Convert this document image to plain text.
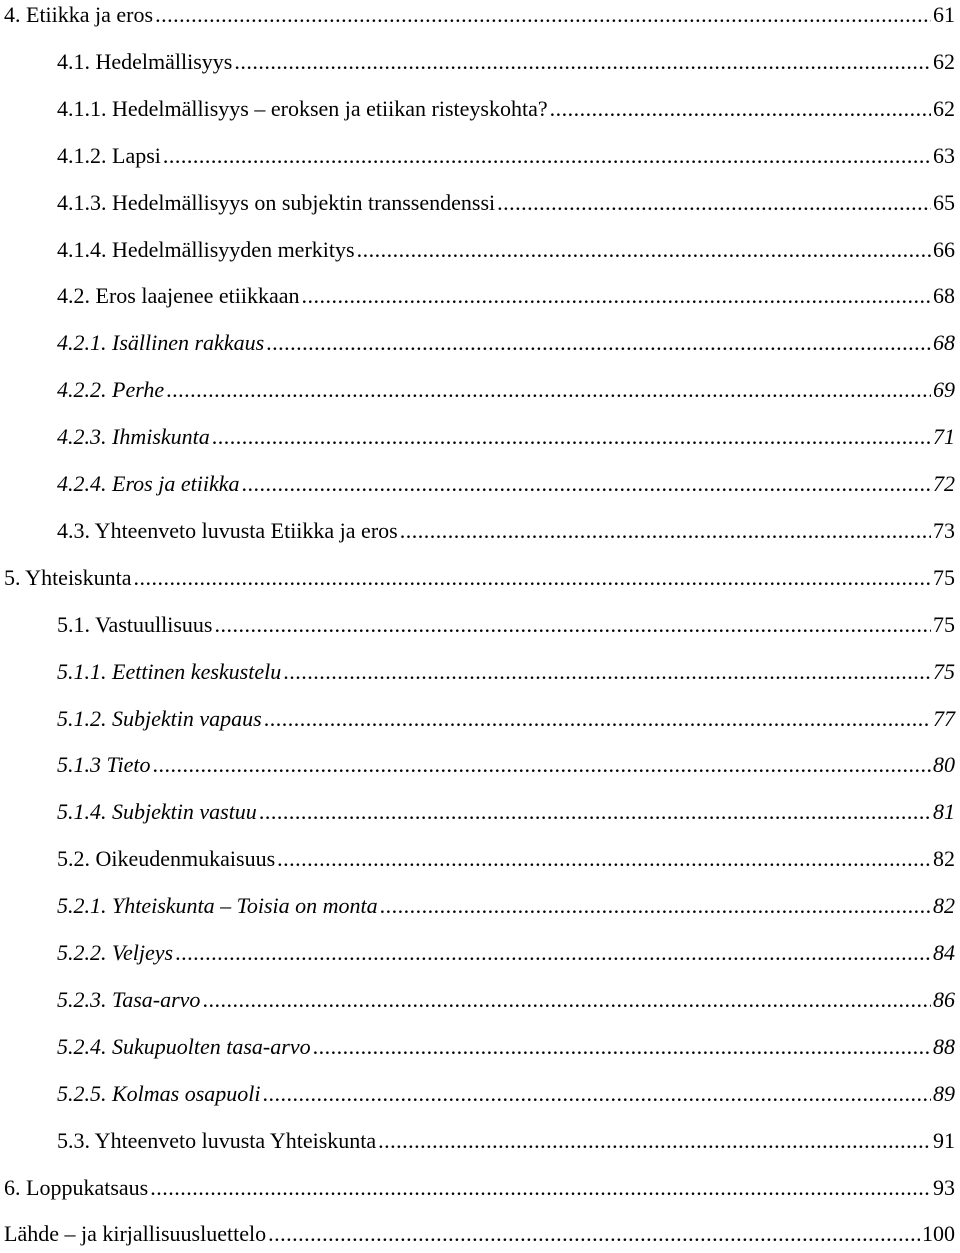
4. Etiikka ja eros .....	61
4.1. Hedelmällisyys .....	62
4.1.1. Hedelmällisyys – eroksen ja etiikan risteyskohta? .....	62
4.1.2. Lapsi .....	63
4.1.3. Hedelmällisyys on subjektin transsendenssi .....	65
4.1.4. Hedelmällisyyden merkitys .....	66
4.2. Eros laajenee etiikkaan .....	68
4.2.1. Isällinen rakkaus .....	68
4.2.2. Perhe .....	69
4.2.3. Ihmiskunta .....	71
4.2.4. Eros ja etiikka .....	72
4.3. Yhteenveto luvusta Etiikka ja eros .....	73
5. Yhteiskunta .....	75
5.1. Vastuullisuus .....	75
5.1.1. Eettinen keskustelu .....	75
5.1.2. Subjektin vapaus .....	77
5.1.3 Tieto .....	80
5.1.4. Subjektin vastuu .....	81
5.2. Oikeudenmukaisuus .....	82
5.2.1. Yhteiskunta – Toisia on monta .....	82
5.2.2. Veljeys .....	84
5.2.3. Tasa-arvo .....	86
5.2.4. Sukupuolten tasa-arvo .....	88
5.2.5. Kolmas osapuoli .....	89
5.3. Yhteenveto luvusta Yhteiskunta .....	91
6. Loppukatsaus .....	93
Lähde – ja kirjallisuusluettelo .....	100
